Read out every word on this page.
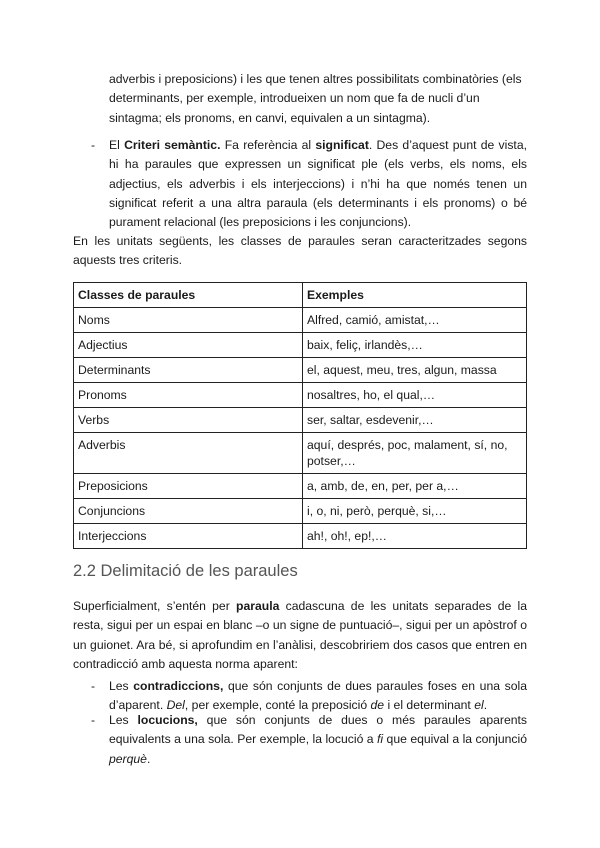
adverbis i preposicions) i les que tenen altres possibilitats combinatòries (els
determinants, per exemple, introdueixen un nom que fa de nucli d’un
sintagma; els pronoms, en canvi, equivalen a un sintagma).
- El Criteri semàntic. Fa referència al significat. Des d’aquest punt de vista, hi ha paraules que expressen un significat ple (els verbs, els noms, els adjectius, els adverbis i els interjeccions) i n’hi ha que només tenen un significat referit a una altra paraula (els determinants i els pronoms) o bé purament relacional (les preposicions i les conjuncions).
En les unitats següents, les classes de paraules seran caracteritzades segons aquests tres criteris.
Classes de paraules	Exemples
Noms	Alfred, camió, amistat,…
Adjectius	baix, feliç, irlandès,…
Determinants	el, aquest, meu, tres, algun, massa
Pronoms	nosaltres, ho, el qual,…
Verbs	ser, saltar, esdevenir,…
Adverbis	aquí, després, poc, malament, sí, no, potser,…
Preposicions	a, amb, de, en, per, per a,…
Conjuncions	i, o, ni, però, perquè, si,…
Interjeccions	ah!, oh!, ep!,…
2.2 Delimitació de les paraules
Superficialment, s’entén per paraula cadascuna de les unitats separades de la resta, sigui per un espai en blanc –o un signe de puntuació–, sigui per un apòstrof o un guionet. Ara bé, si aprofundim en l’anàlisi, descobririem dos casos que entren en contradicció amb aquesta norma aparent:
- Les contradiccions, que són conjunts de dues paraules foses en una sola d’aparent. Del, per exemple, conté la preposició de i el determinant el.
- Les locucions, que són conjunts de dues o més paraules aparents equivalents a una sola. Per exemple, la locució a fi que equival a la conjunció perquè.
